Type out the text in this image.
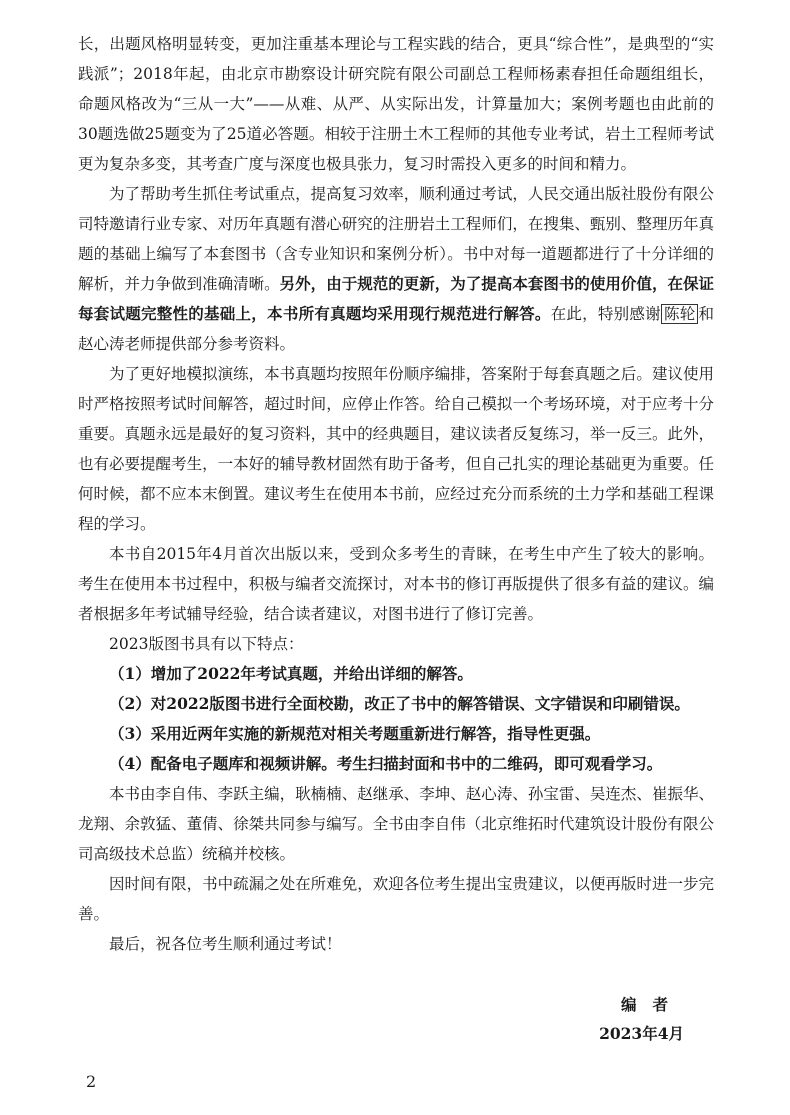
长，出题风格明显转变，更加注重基本理论与工程实践的结合，更具“综合性”，是典型的“实践派”；2018年起，由北京市勘察设计研究院有限公司副总工程师杨素春担任命题组组长，命题风格改为“三从一大”——从难、从严、从实际出发，计算量加大；案例考题也由此前的30题选做25题变为了25道必答题。相较于注册土木工程师的其他专业考试，岩土工程师考试更为复杂多变，其考查广度与深度也极具张力，复习时需投入更多的时间和精力。

为了帮助考生抓住考试重点，提高复习效率，顺利通过考试，人民交通出版社股份有限公司特邀请行业专家、对历年真题有潜心研究的注册岩土工程师们，在搜集、甄别、整理历年真题的基础上编写了本套图书（含专业知识和案例分析）。书中对每一道题都进行了十分详细的解析，并力争做到准确清晰。另外，由于规范的更新，为了提高本套图书的使用价值，在保证每套试题完整性的基础上，本书所有真题均采用现行规范进行解答。在此，特别感谢 陈轮 和赵心涛老师提供部分参考资料。

为了更好地模拟演练，本书真题均按照年份顺序编排，答案附于每套真题之后。建议使用时严格按照考试时间解答，超过时间，应停止作答。给自己模拟一个考场环境，对于应考十分重要。真题永远是最好的复习资料，其中的经典题目，建议读者反复练习，举一反三。此外，也有必要提醒考生，一本好的辅导教材固然有助于备考，但自己扎实的理论基础更为重要。任何时候，都不应本末倒置。建议考生在使用本书前，应经过充分而系统的土力学和基础工程课程的学习。

本书自2015年4月首次出版以来，受到众多考生的青睐，在考生中产生了较大的影响。考生在使用本书过程中，积极与编者交流探讨，对本书的修订再版提供了很多有益的建议。编者根据多年考试辅导经验，结合读者建议，对图书进行了修订完善。

2023版图书具有以下特点：

（1）增加了2022年考试真题，并给出详细的解答。

（2）对2022版图书进行全面校勘，改正了书中的解答错误、文字错误和印刷错误。

（3）采用近两年实施的新规范对相关考题重新进行解答，指导性更强。

（4）配备电子题库和视频讲解。考生扫描封面和书中的二维码，即可观看学习。

本书由李自伟、李跃主编，耿楠楠、赵继承、李坤、赵心涛、孙宝雷、吴连杰、崔振华、龙翔、余敦猛、董倩、徐桀共同参与编写。全书由李自伟（北京维拓时代建筑设计股份有限公司高级技术总监）统稿并校核。

因时间有限，书中疏漏之处在所难免，欢迎各位考生提出宝贵建议，以便再版时进一步完善。

最后，祝各位考生顺利通过考试！

编者
2023年4月
2
